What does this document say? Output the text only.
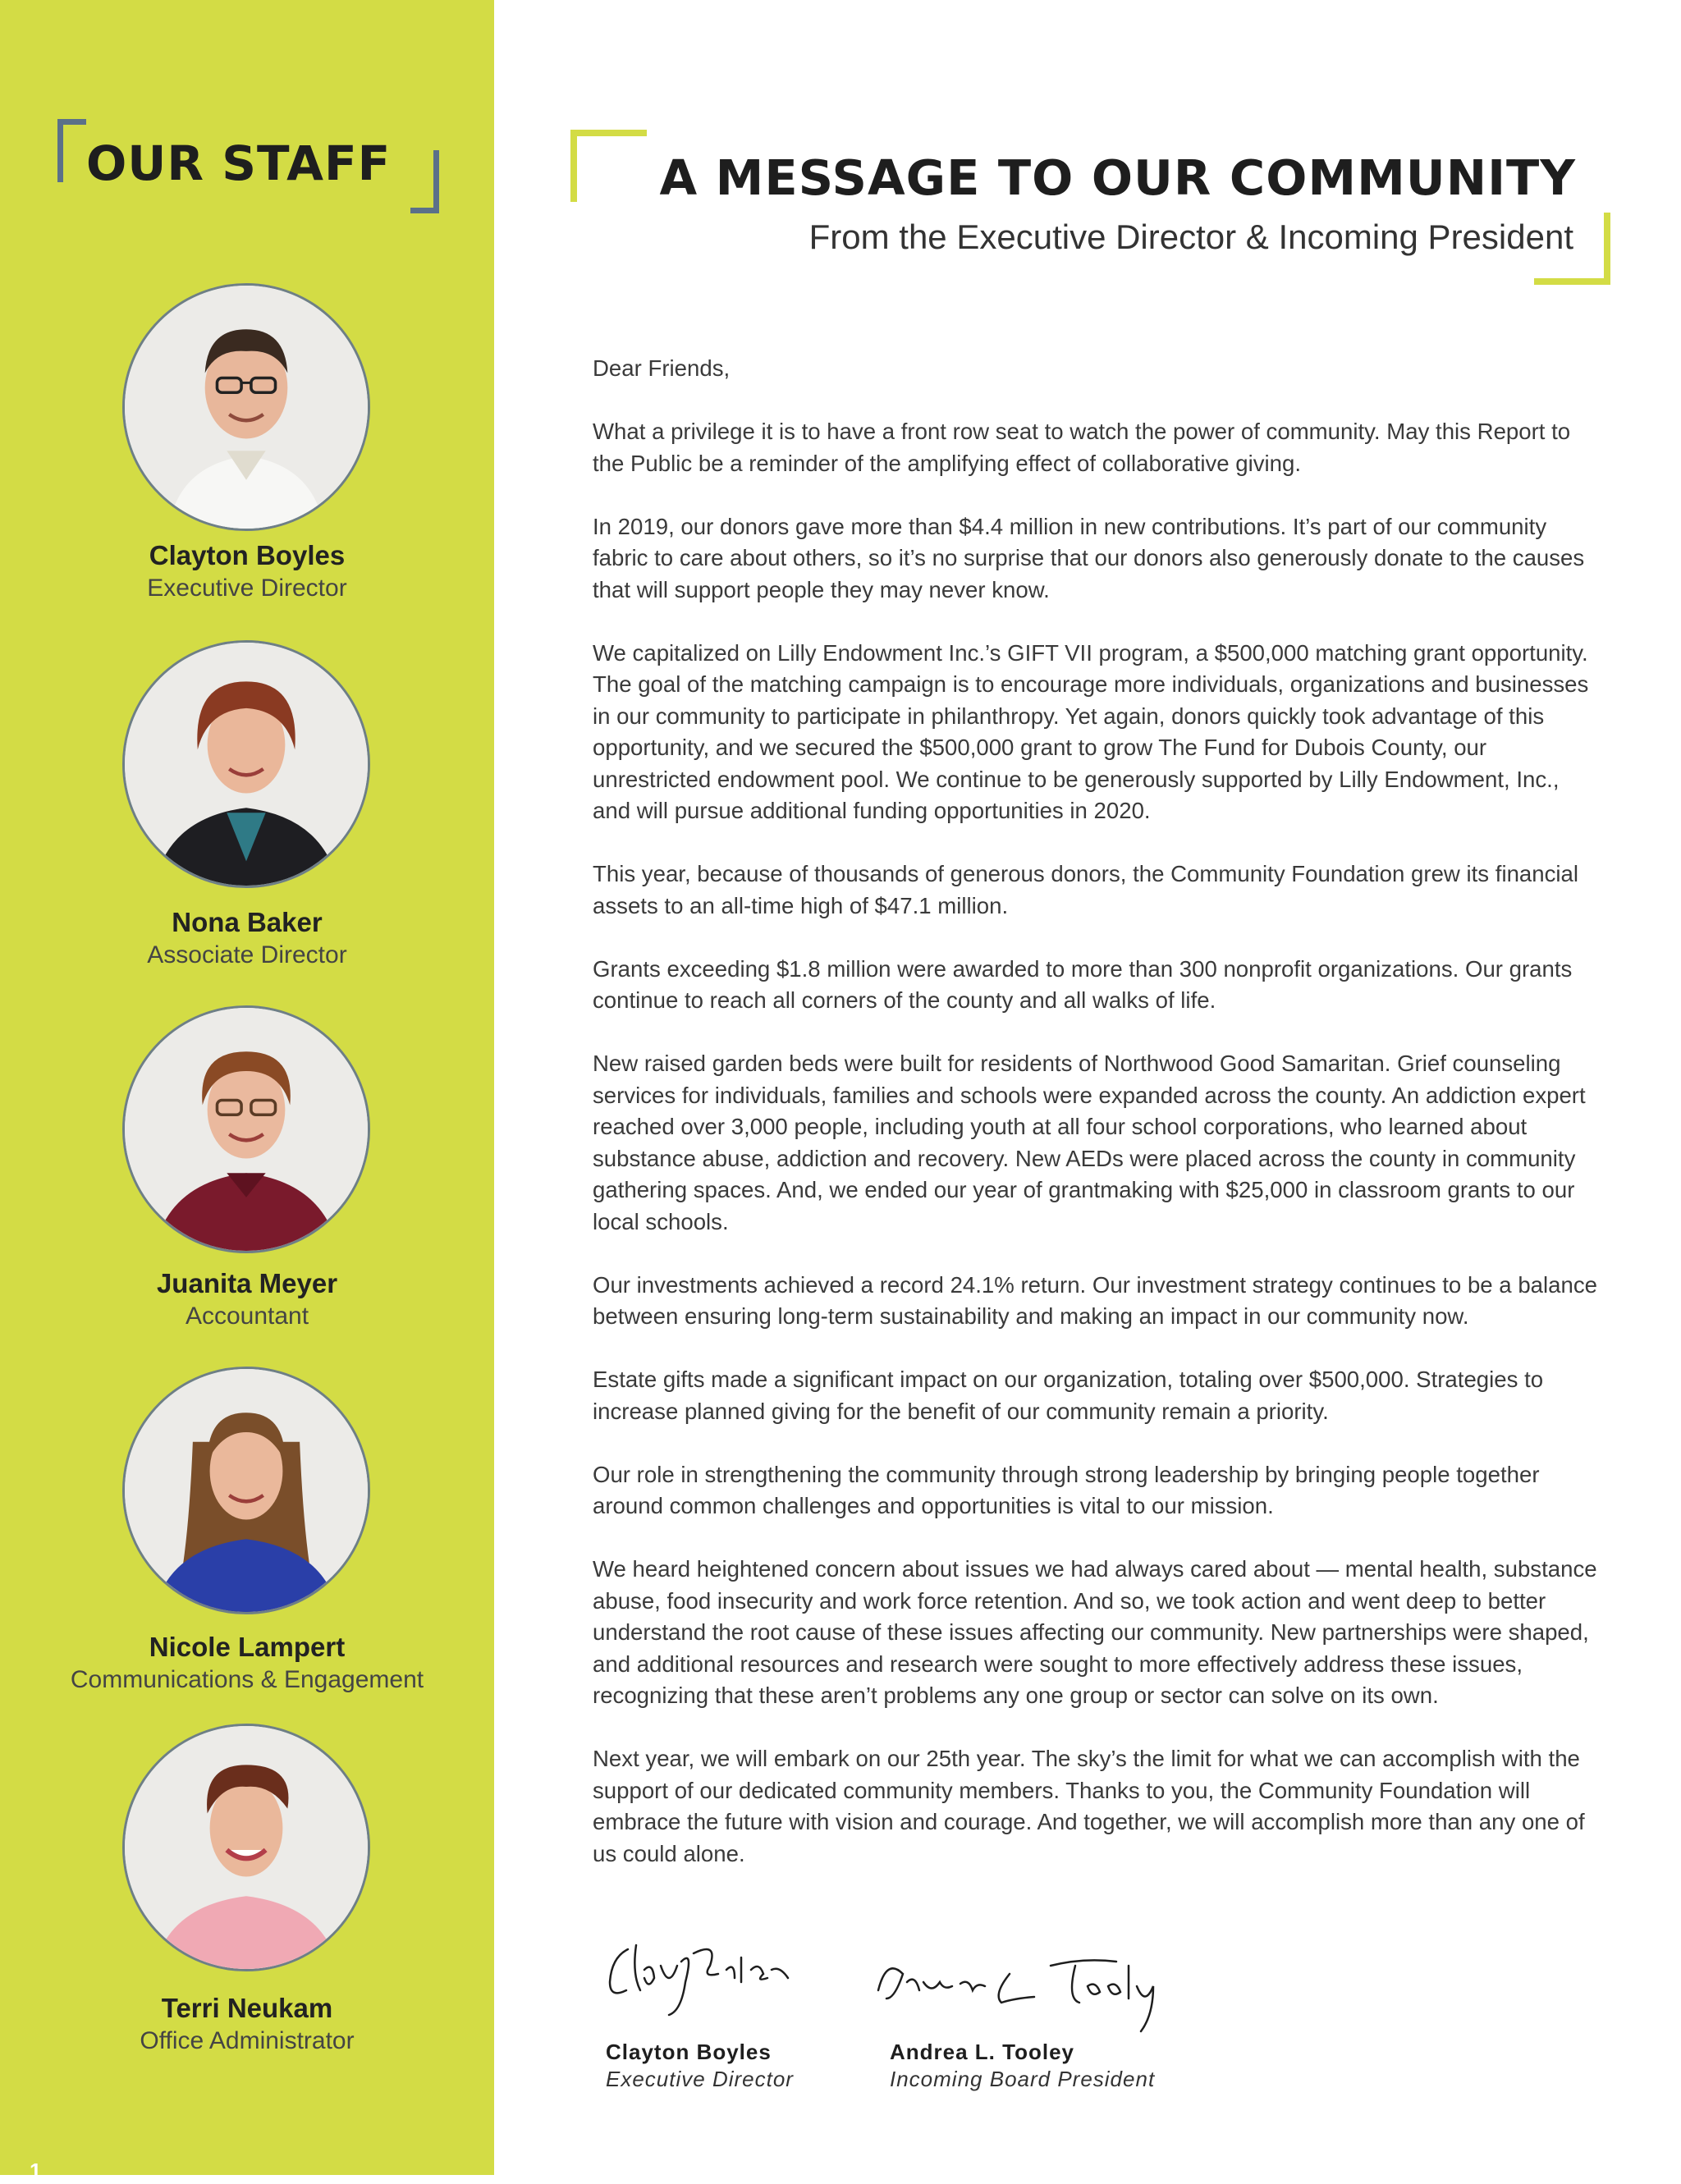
OUR STAFF

Clayton Boyles

Executive Director

Nona Baker

Associate Director

Juanita Meyer

Accountant

Nicole Lampert

Communications & Engagement

Terri Neukam

Office Administrator

1
A MESSAGE TO OUR COMMUNITY

From the Executive Director & Incoming President

Dear Friends,

What a privilege it is to have a front row seat to watch the power of community. May this Report to the Public be a reminder of the amplifying effect of collaborative giving.

In 2019, our donors gave more than $4.4 million in new contributions. It’s part of our community fabric to care about others, so it’s no surprise that our donors also generously donate to the causes that will support people they may never know.

We capitalized on Lilly Endowment Inc.’s GIFT VII program, a $500,000 matching grant opportunity. The goal of the matching campaign is to encourage more individuals, organizations and businesses in our community to participate in philanthropy. Yet again, donors quickly took advantage of this opportunity, and we secured the $500,000 grant to grow The Fund for Dubois County, our unrestricted endowment pool. We continue to be generously supported by Lilly Endowment, Inc., and will pursue additional funding opportunities in 2020.

This year, because of thousands of generous donors, the Community Foundation grew its financial assets to an all-time high of $47.1 million.

Grants exceeding $1.8 million were awarded to more than 300 nonprofit organizations. Our grants continue to reach all corners of the county and all walks of life.

New raised garden beds were built for residents of Northwood Good Samaritan. Grief counseling services for individuals, families and schools were expanded across the county. An addiction expert reached over 3,000 people, including youth at all four school corporations, who learned about substance abuse, addiction and recovery. New AEDs were placed across the county in community gathering spaces. And, we ended our year of grantmaking with $25,000 in classroom grants to our local schools.

Our investments achieved a record 24.1% return. Our investment strategy continues to be a balance between ensuring long-term sustainability and making an impact in our community now.

Estate gifts made a significant impact on our organization, totaling over $500,000. Strategies to increase planned giving for the benefit of our community remain a priority.

Our role in strengthening the community through strong leadership by bringing people together around common challenges and opportunities is vital to our mission.

We heard heightened concern about issues we had always cared about — mental health, substance abuse, food insecurity and work force retention. And so, we took action and went deep to better understand the root cause of these issues affecting our community. New partnerships were shaped, and additional resources and research were sought to more effectively address these issues, recognizing that these aren’t problems any one group or sector can solve on its own.

Next year, we will embark on our 25th year. The sky’s the limit for what we can accomplish with the support of our dedicated community members. Thanks to you, the Community Foundation will embrace the future with vision and courage. And together, we will accomplish more than any one of us could alone.

Clayton Boyles

Executive Director

Andrea L. Tooley

Incoming Board President
